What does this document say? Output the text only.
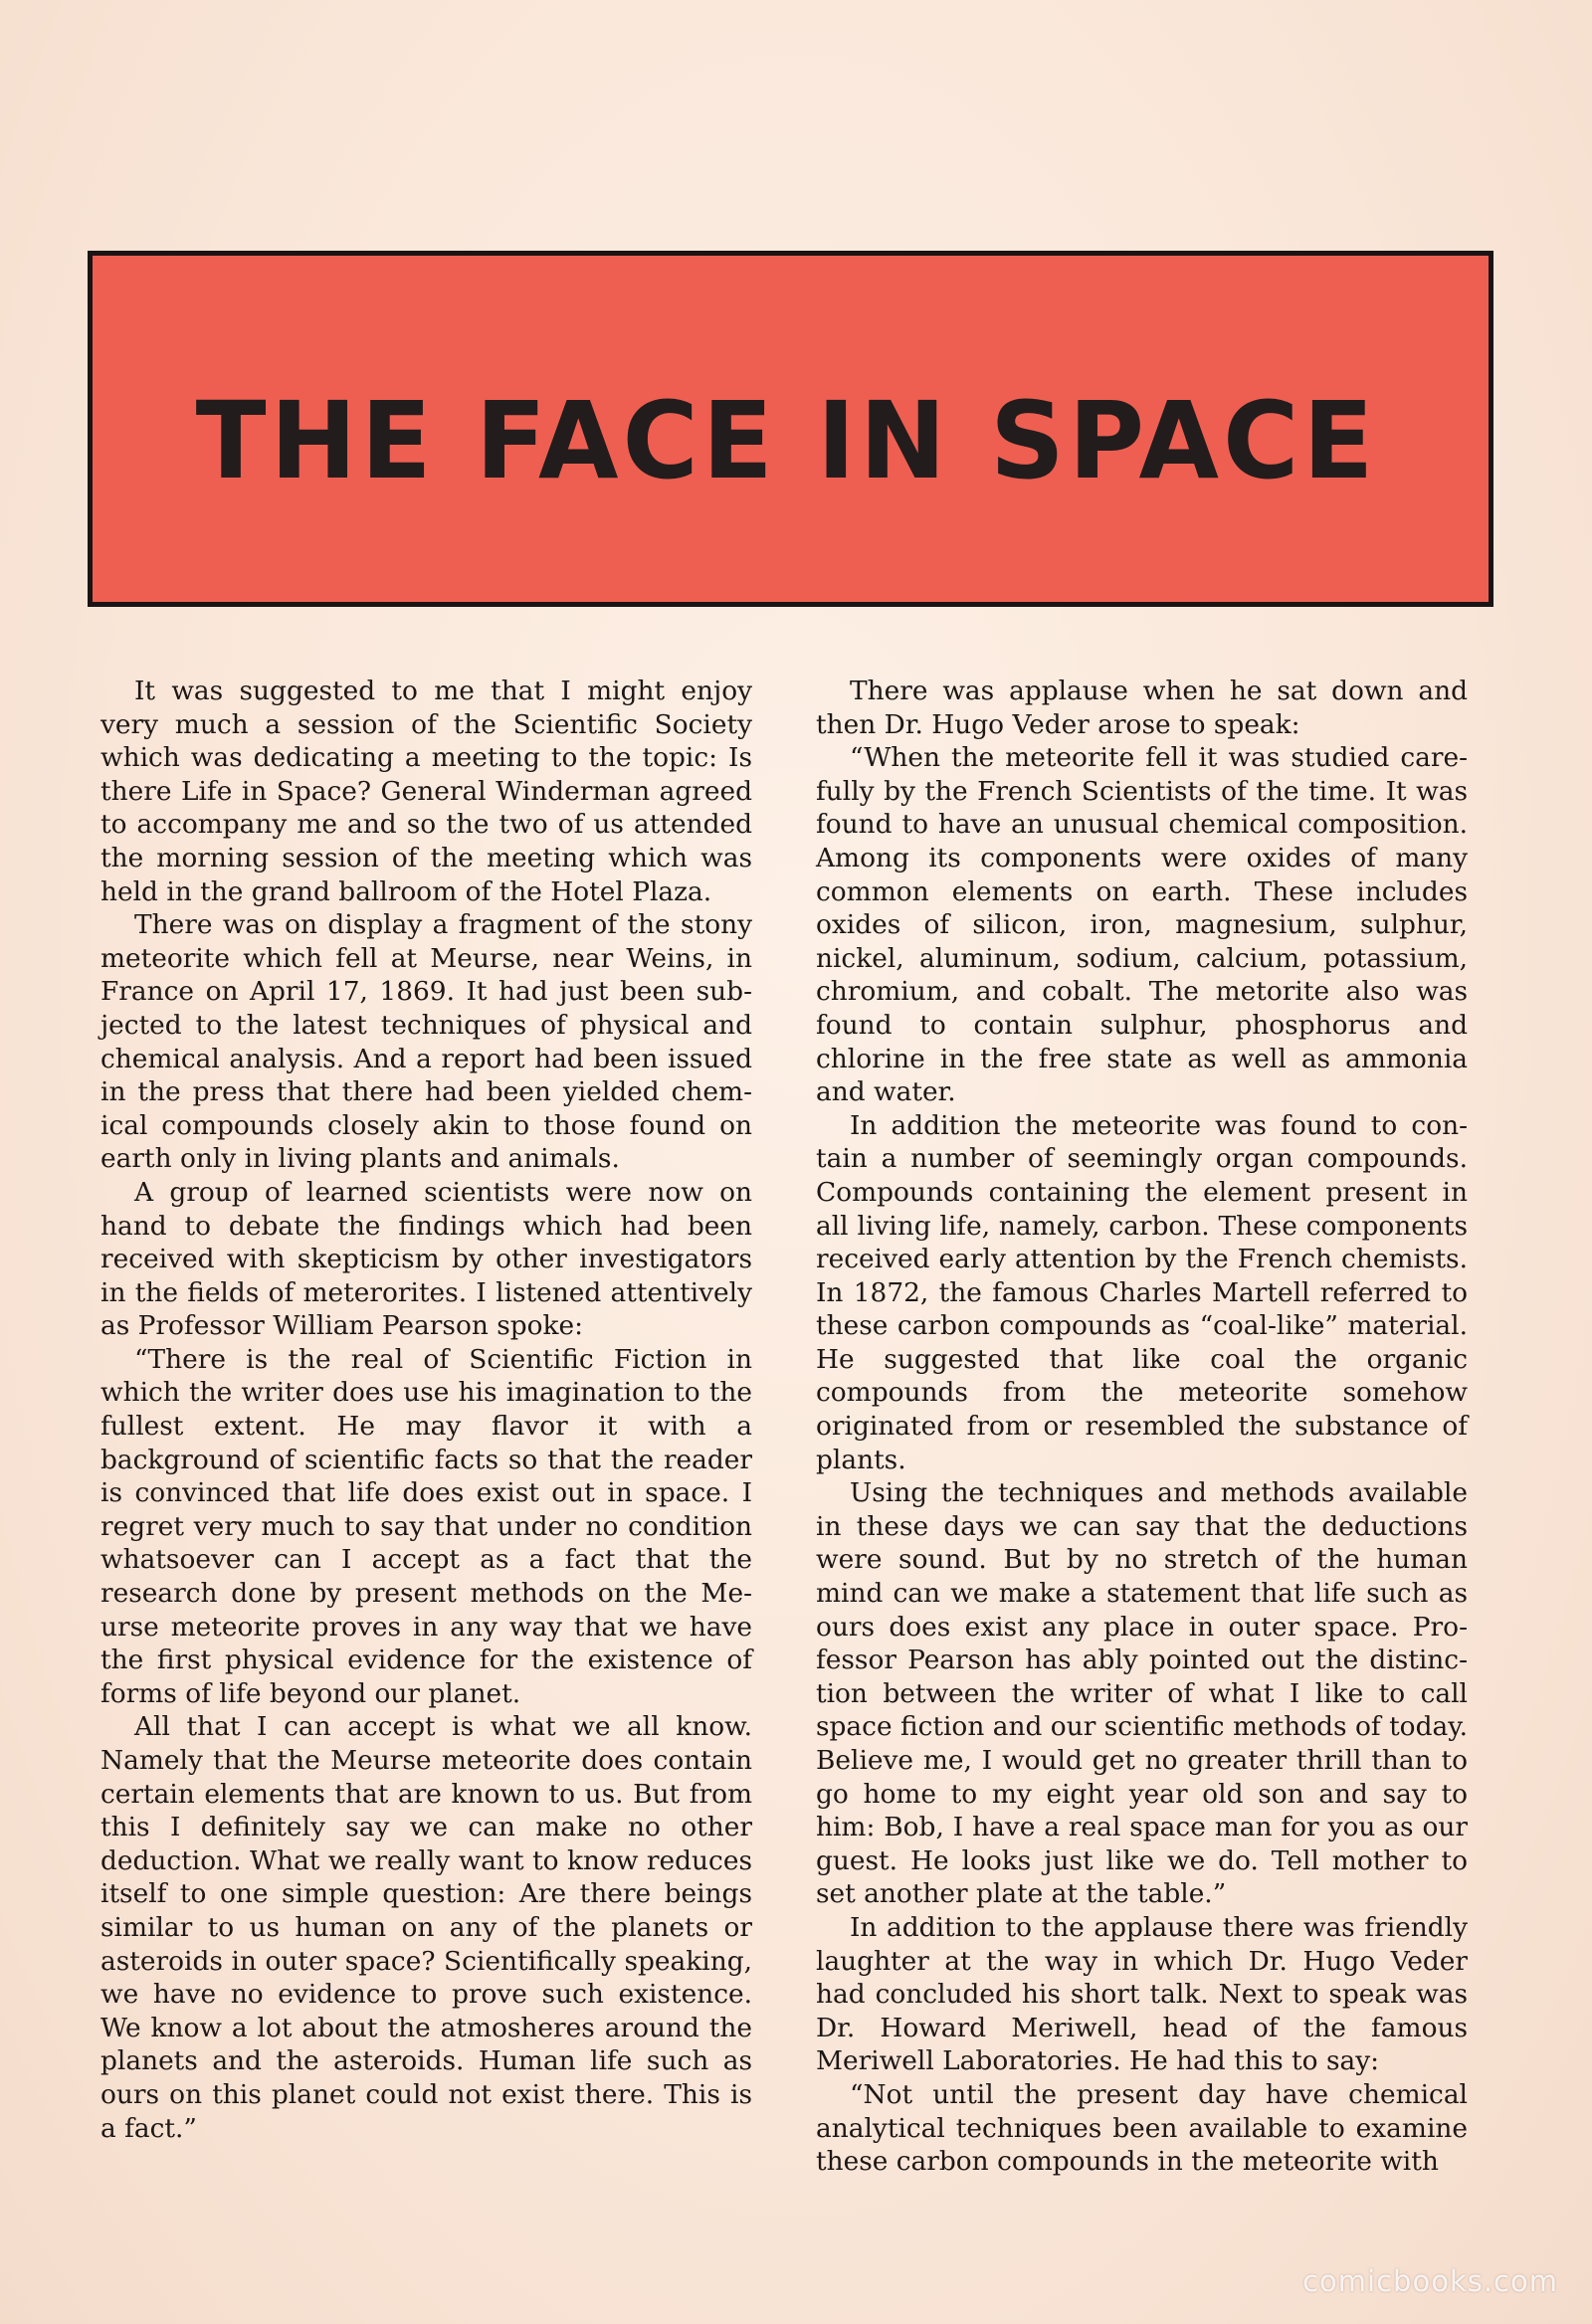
THE FACE IN SPACE

It was suggested to me that I might enjoy very much a session of the Scientific Society which was dedicating a meeting to the topic: Is there Life in Space? General Winderman agreed to accompany me and so the two of us attended the morning session of the meeting which was held in the grand ballroom of the Hotel Plaza.

There was on display a fragment of the stony meteorite which fell at Meurse, near Weins, in France on April 17, 1869. It had just been subjected to the latest techniques of physical and chemical analysis. And a report had been issued in the press that there had been yielded chemical compounds closely akin to those found on earth only in living plants and animals.

A group of learned scientists were now on hand to debate the findings which had been received with skepticism by other investigators in the fields of meterorites. I listened attentively as Professor William Pearson spoke:

“There is the real of Scientific Fiction in which the writer does use his imagination to the fullest extent. He may flavor it with a background of scientific facts so that the reader is convinced that life does exist out in space. I regret very much to say that under no condition whatsoever can I accept as a fact that the research done by present methods on the Meurse meteorite proves in any way that we have the first physical evidence for the existence of forms of life beyond our planet.

All that I can accept is what we all know. Namely that the Meurse meteorite does contain certain elements that are known to us. But from this I definitely say we can make no other deduction. What we really want to know reduces itself to one simple question: Are there beings similar to us human on any of the planets or asteroids in outer space? Scientifically speaking, we have no evidence to prove such existence. We know a lot about the atmosheres around the planets and the asteroids. Human life such as ours on this planet could not exist there. This is a fact.”

There was applause when he sat down and then Dr. Hugo Veder arose to speak:

“When the meteorite fell it was studied carefully by the French Scientists of the time. It was found to have an unusual chemical composition. Among its components were oxides of many common elements on earth. These includes oxides of silicon, iron, magnesium, sulphur, nickel, aluminum, sodium, calcium, potassium, chromium, and cobalt. The metorite also was found to contain sulphur, phosphorus and chlorine in the free state as well as ammonia and water.

In addition the meteorite was found to contain a number of seemingly organ compounds. Compounds containing the element present in all living life, namely, carbon. These components received early attention by the French chemists. In 1872, the famous Charles Martell referred to these carbon compounds as “coal-like” material. He suggested that like coal the organic compounds from the meteorite somehow originated from or resembled the substance of plants.

Using the techniques and methods available in these days we can say that the deductions were sound. But by no stretch of the human mind can we make a statement that life such as ours does exist any place in outer space. Professor Pearson has ably pointed out the distinction between the writer of what I like to call space fiction and our scientific methods of today. Believe me, I would get no greater thrill than to go home to my eight year old son and say to him: Bob, I have a real space man for you as our guest. He looks just like we do. Tell mother to set another plate at the table.”

In addition to the applause there was friendly laughter at the way in which Dr. Hugo Veder had concluded his short talk. Next to speak was Dr. Howard Meriwell, head of the famous Meriwell Laboratories. He had this to say:

“Not until the present day have chemical analytical techniques been available to examine these carbon compounds in the meteorite with

comicbooks.com
